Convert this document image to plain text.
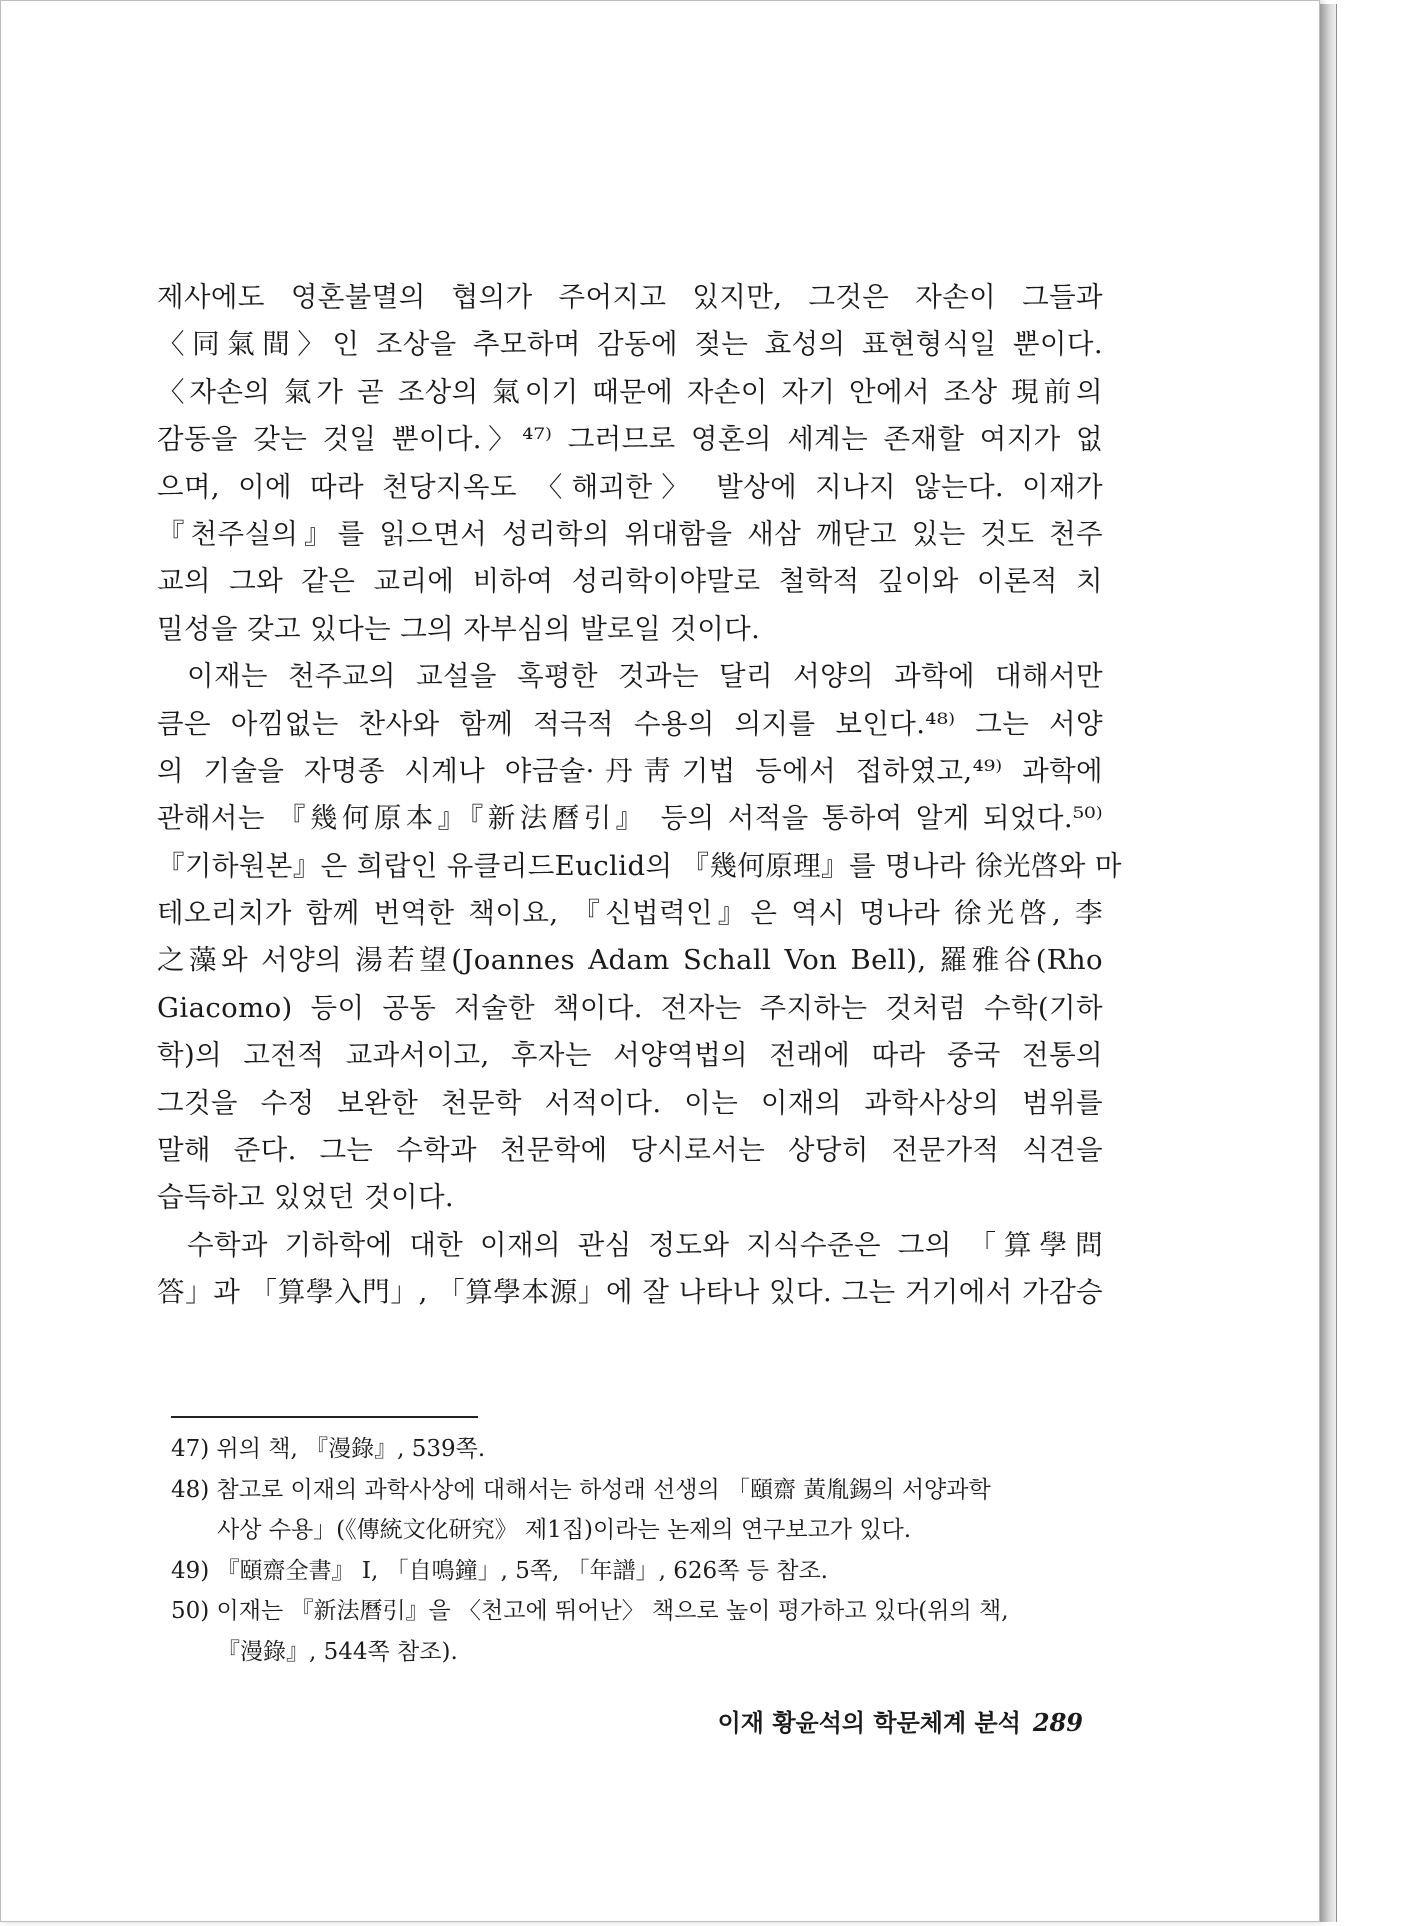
제사에도 영혼불멸의 협의가 주어지고 있지만, 그것은 자손이 그들과
〈同氣間〉인 조상을 추모하며 감동에 젖는 효성의 표현형식일 뿐이다.
〈자손의 氣가 곧 조상의 氣이기 때문에 자손이 자기 안에서 조상 現前의
감동을 갖는 것일 뿐이다.〉⁴⁷⁾ 그러므로 영혼의 세계는 존재할 여지가 없
으며, 이에 따라 천당지옥도 〈해괴한〉 발상에 지나지 않는다. 이재가
『천주실의』를 읽으면서 성리학의 위대함을 새삼 깨닫고 있는 것도 천주
교의 그와 같은 교리에 비하여 성리학이야말로 철학적 깊이와 이론적 치
밀성을 갖고 있다는 그의 자부심의 발로일 것이다.
이재는 천주교의 교설을 혹평한 것과는 달리 서양의 과학에 대해서만
큼은 아낌없는 찬사와 함께 적극적 수용의 의지를 보인다.⁴⁸⁾ 그는 서양
의 기술을 자명종 시계나 야금술·丹靑기법 등에서 접하였고,⁴⁹⁾ 과학에
관해서는 『幾何原本』『新法曆引』 등의 서적을 통하여 알게 되었다.⁵⁰⁾
『기하원본』은 희랍인 유클리드Euclid의 『幾何原理』를 명나라 徐光啓와 마
테오리치가 함께 번역한 책이요, 『신법력인』은 역시 명나라 徐光啓, 李
之藻와 서양의 湯若望(Joannes Adam Schall Von Bell), 羅雅谷(Rho
Giacomo) 등이 공동 저술한 책이다. 전자는 주지하는 것처럼 수학(기하
학)의 고전적 교과서이고, 후자는 서양역법의 전래에 따라 중국 전통의
그것을 수정 보완한 천문학 서적이다. 이는 이재의 과학사상의 범위를
말해 준다. 그는 수학과 천문학에 당시로서는 상당히 전문가적 식견을
습득하고 있었던 것이다.
수학과 기하학에 대한 이재의 관심 정도와 지식수준은 그의 「算學問
答」과 「算學入門」, 「算學本源」에 잘 나타나 있다. 그는 거기에서 가감승
47) 위의 책, 『漫錄』, 539쪽.
48) 참고로 이재의 과학사상에 대해서는 하성래 선생의 「頤齋 黃胤錫의 서양과학
사상 수용」(《傳統文化研究》 제1집)이라는 논제의 연구보고가 있다.
49) 『頤齋全書』 I, 「自鳴鐘」, 5쪽, 「年譜」, 626쪽 등 참조.
50) 이재는 『新法曆引』을 〈천고에 뛰어난〉 책으로 높이 평가하고 있다(위의 책,
『漫錄』, 544쪽 참조).
이재 황윤석의 학문체계 분석 289
